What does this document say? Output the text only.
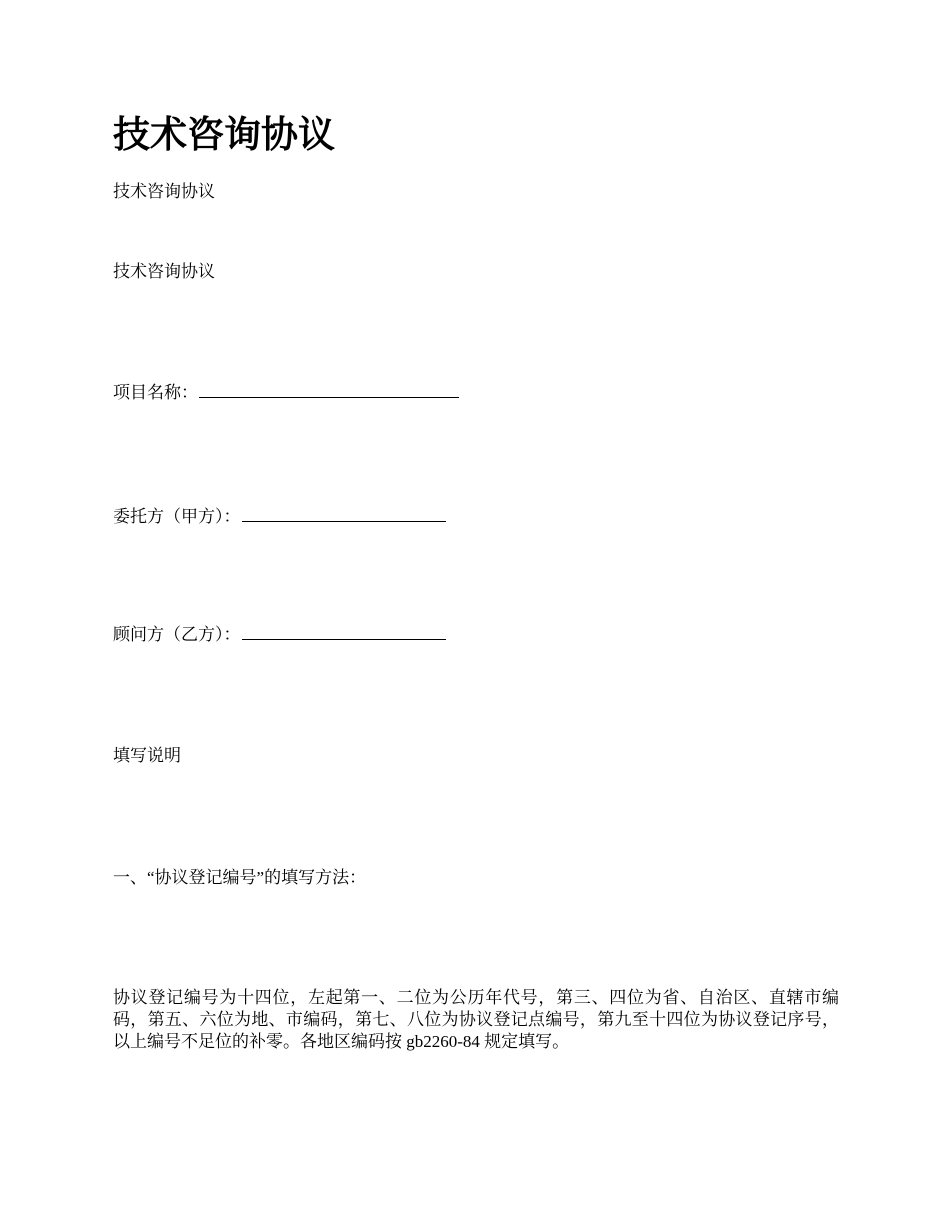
技术咨询协议

技术咨询协议

技术咨询协议

项目名称：

委托方（甲方）：

顾问方（乙方）：

填写说明

一、“协议登记编号”的填写方法：

协议登记编号为十四位，左起第一、二位为公历年代号，第三、四位为省、自治区、直辖市编码，第五、六位为地、市编码，第七、八位为协议登记点编号，第九至十四位为协议登记序号，以上编号不足位的补零。各地区编码按 gb2260-84 规定填写。
